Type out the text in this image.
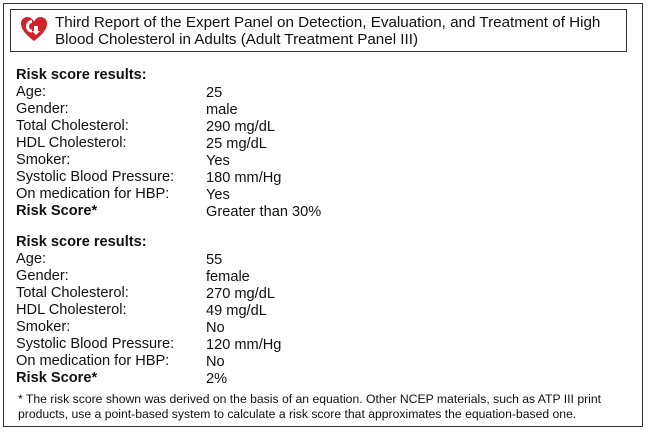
Third Report of the Expert Panel on Detection, Evaluation, and Treatment of High Blood Cholesterol in Adults (Adult Treatment Panel III)
Risk score results:
Age:	25
Gender:	male
Total Cholesterol:	290 mg/dL
HDL Cholesterol:	25 mg/dL
Smoker:	Yes
Systolic Blood Pressure: 180 mm/Hg
On medication for HBP:	Yes
Risk Score*	Greater than 30%
Risk score results:
Age:	55
Gender:	female
Total Cholesterol:	270 mg/dL
HDL Cholesterol:	49 mg/dL
Smoker:	No
Systolic Blood Pressure: 120 mm/Hg
On medication for HBP:	No
Risk Score*	2%
* The risk score shown was derived on the basis of an equation. Other NCEP materials, such as ATP III print products, use a point-based system to calculate a risk score that approximates the equation-based one.
